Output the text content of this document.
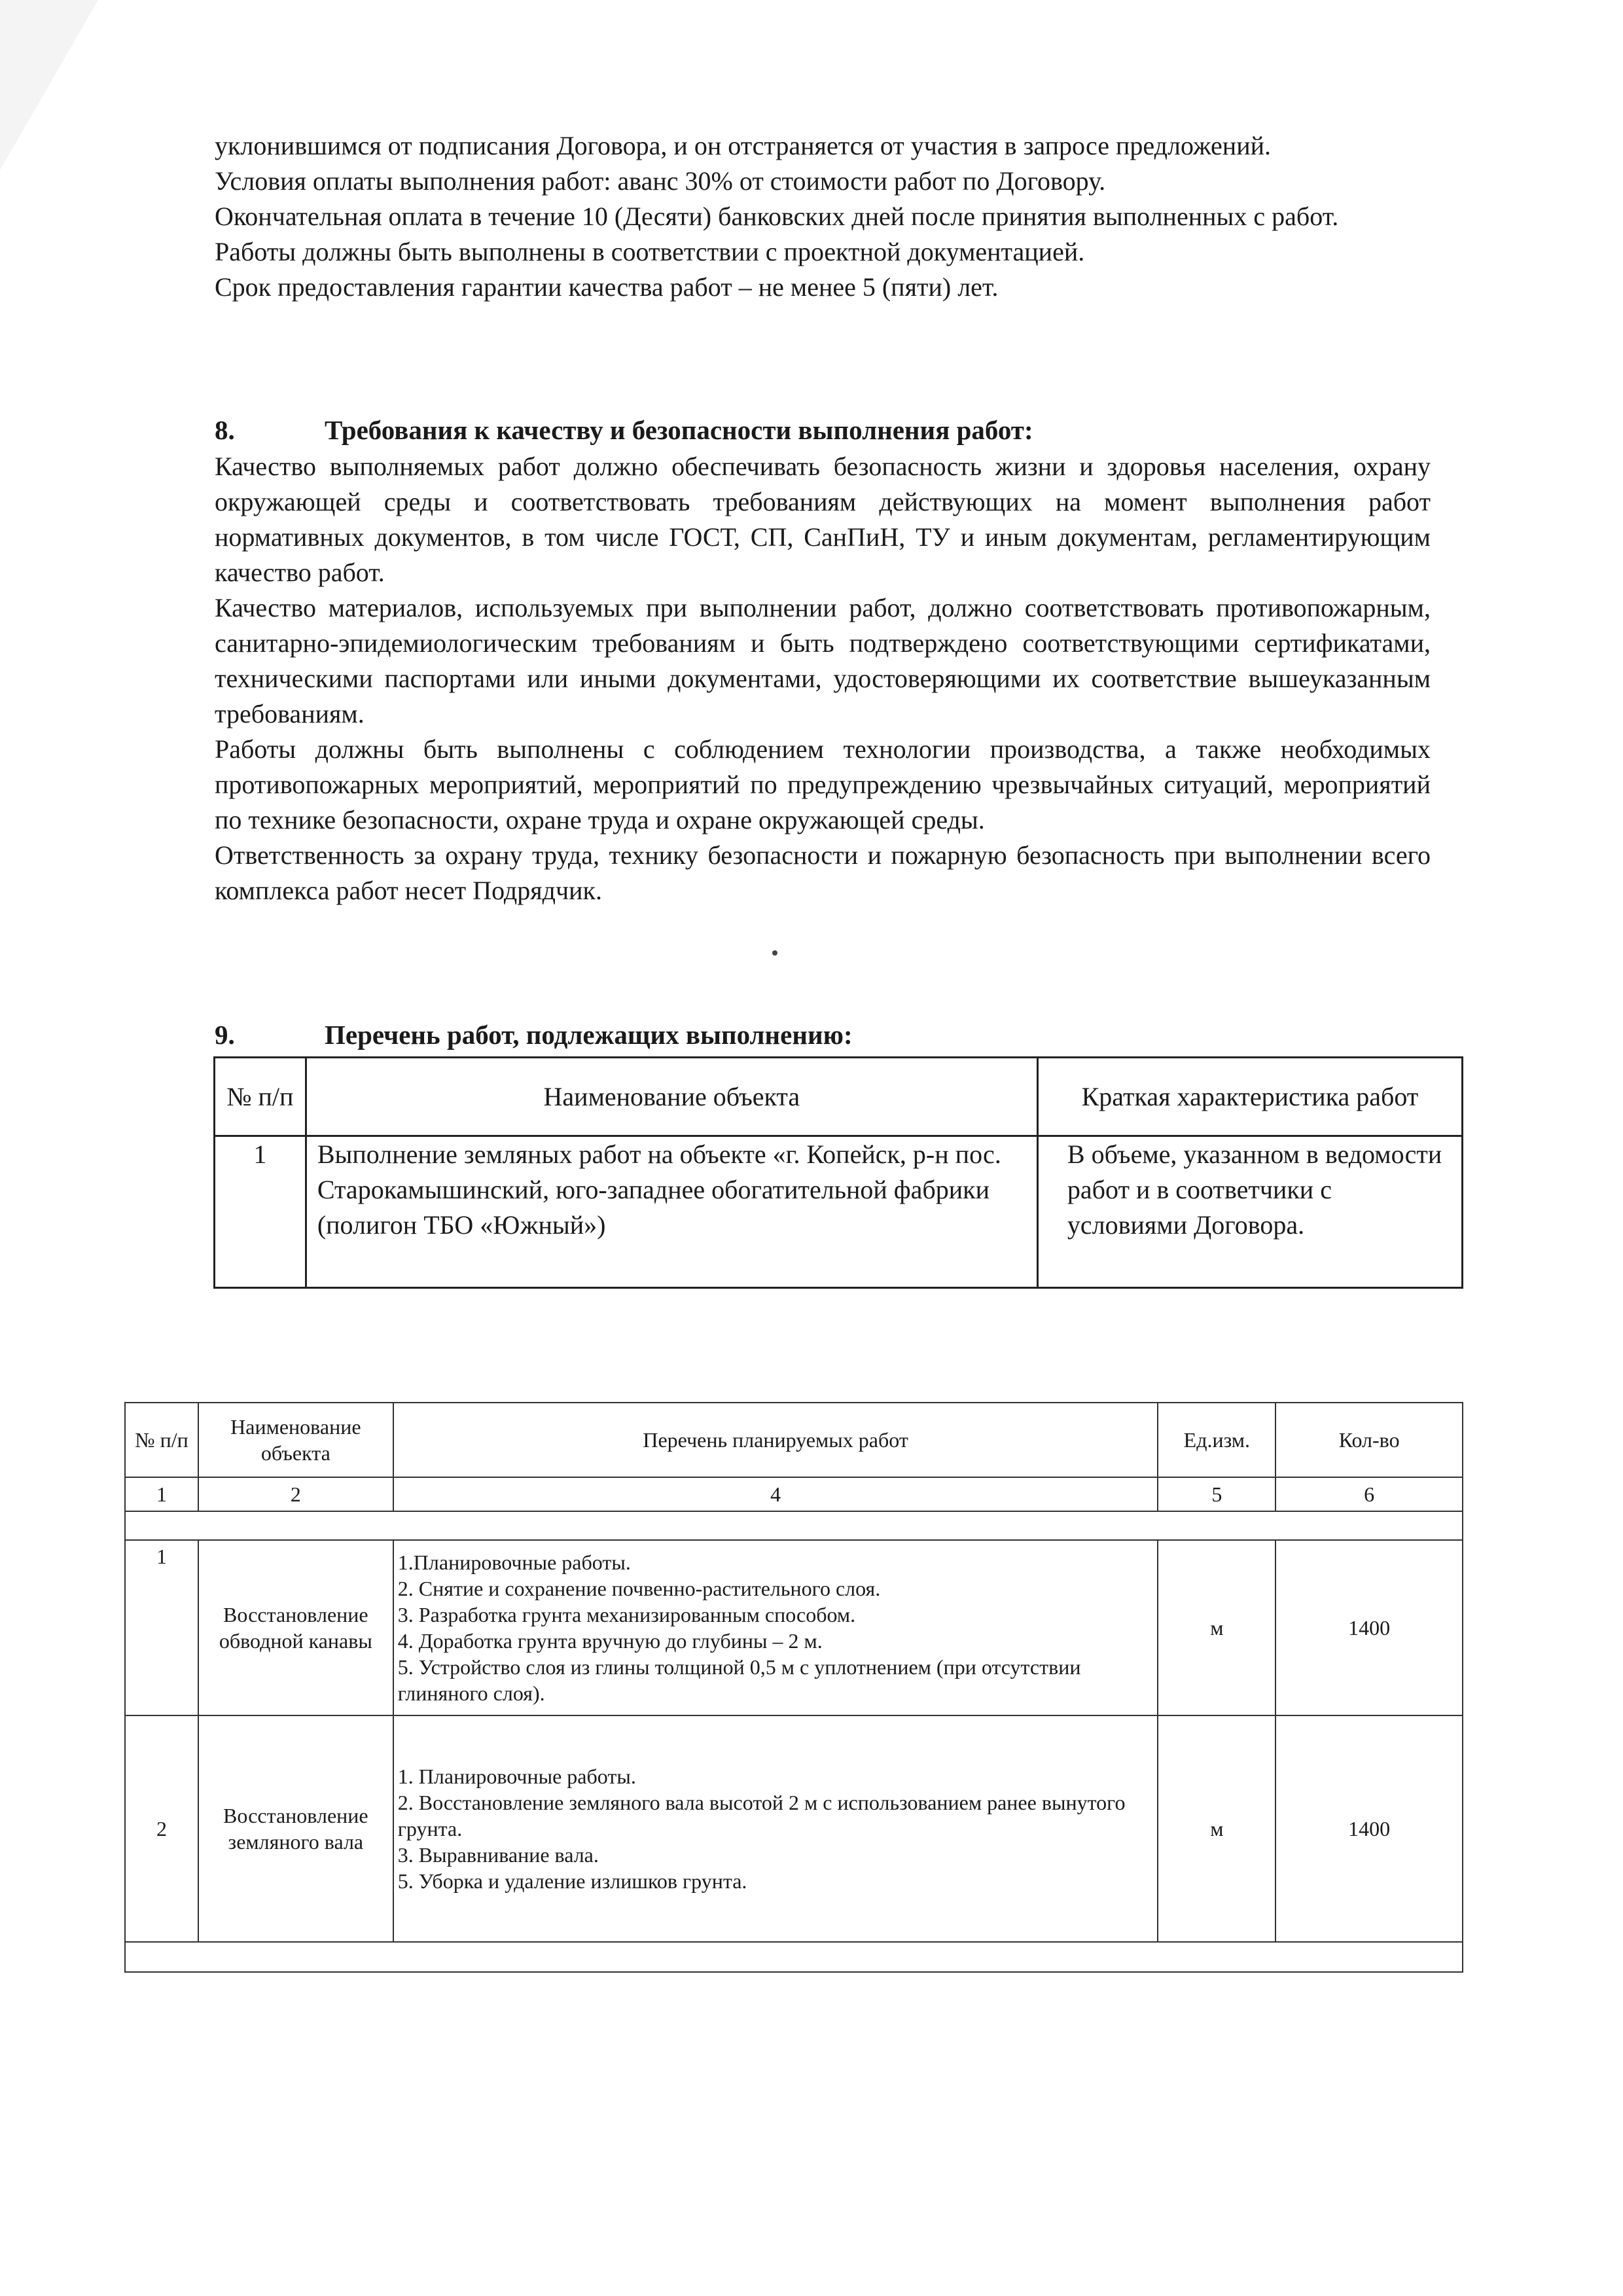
уклонившимся от подписания Договора, и он отстраняется от участия в запросе предложений.

Условия оплаты выполнения работ: аванс 30% от стоимости работ по Договору.

Окончательная оплата в течение 10 (Десяти) банковских дней после принятия выполненных с работ.

Работы должны быть выполнены в соответствии с проектной документацией.

Срок предоставления гарантии качества работ – не менее 5 (пяти) лет.

8.	Требования к качеству и безопасности выполнения работ:

Качество выполняемых работ должно обеспечивать безопасность жизни и здоровья населения, охрану окружающей среды и соответствовать требованиям действующих на момент выполнения работ нормативных документов, в том числе ГОСТ, СП, СанПиН, ТУ и иным документам, регламентирующим качество работ.

Качество материалов, используемых при выполнении работ, должно соответствовать противопожарным, санитарно-эпидемиологическим требованиям и быть подтверждено соответствующими сертификатами, техническими паспортами или иными документами, удостоверяющими их соответствие вышеуказанным требованиям.

Работы должны быть выполнены с соблюдением технологии производства, а также необходимых противопожарных мероприятий, мероприятий по предупреждению чрезвычайных ситуаций, мероприятий по технике безопасности, охране труда и охране окружающей среды.

Ответственность за охрану труда, технику безопасности и пожарную безопасность при выполнении всего комплекса работ несет Подрядчик.

9.	Перечень работ, подлежащих выполнению:
№ п/п	Наименование объекта	Краткая характеристика работ
1	Выполнение земляных работ на объекте «г. Копейск, р-н пос. Старокамышинский, юго-западнее обогатительной фабрики (полигон ТБО «Южный»)	В объеме, указанном в ведомости работ и в соответчики с условиями Договора.
№ п/п	Наименование объекта	Перечень планируемых работ	Ед.изм.	Кол-во
1	2	4	5	6

1	Восстановление обводной канавы	1.Планировочные работы.
2. Снятие и сохранение почвенно-растительного слоя.
3. Разработка грунта механизированным способом.
4. Доработка грунта вручную до глубины – 2 м.
5. Устройство слоя из глины толщиной 0,5 м с уплотнением (при отсутствии глиняного слоя).	м	1400
2	Восстановление земляного вала	1. Планировочные работы.
2. Восстановление земляного вала высотой 2 м с использованием ранее вынутого грунта.
3. Выравнивание вала.
5. Уборка и удаление излишков грунта.	м	1400
